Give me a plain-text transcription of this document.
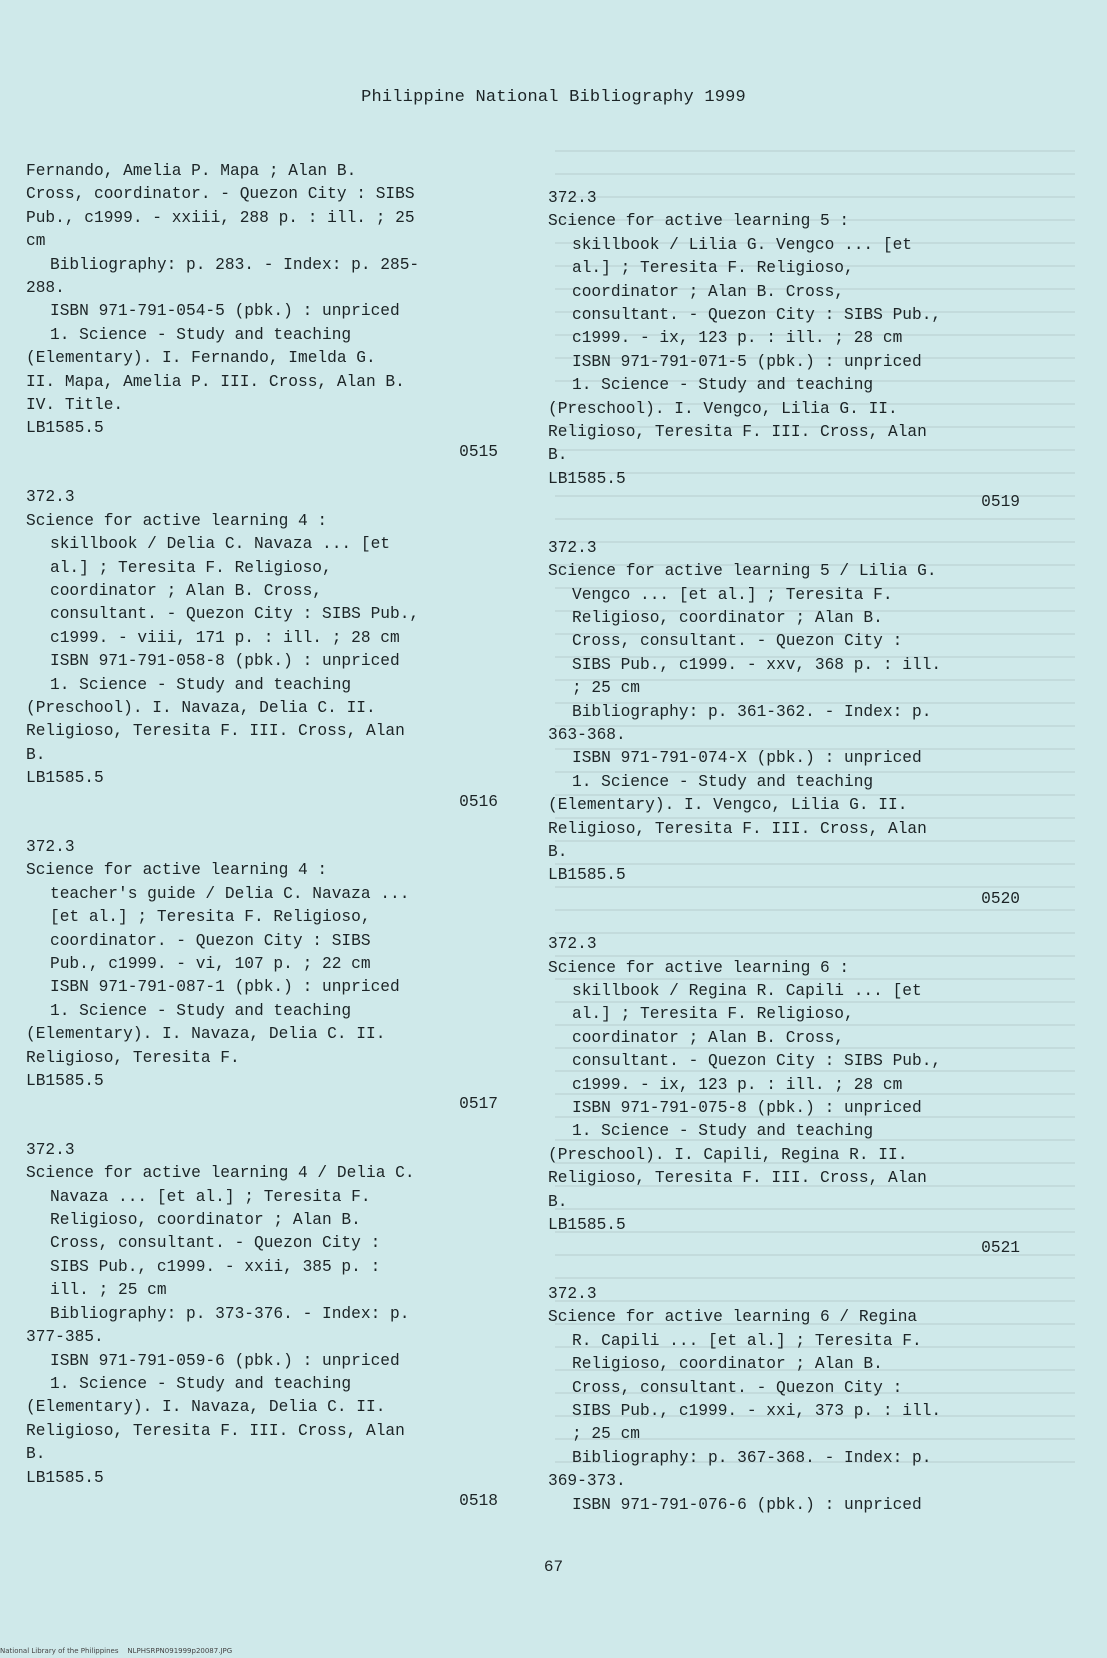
Philippine National Bibliography 1999
Fernando, Amelia P. Mapa ; Alan B.
Cross, coordinator. - Quezon City : SIBS
Pub., c1999. - xxiii, 288 p. : ill. ; 25
cm
Bibliography: p. 283. - Index: p. 285-
288.
ISBN 971-791-054-5 (pbk.) : unpriced
1. Science - Study and teaching
(Elementary). I. Fernando, Imelda G.
II. Mapa, Amelia P. III. Cross, Alan B.
IV. Title.
LB1585.5
0515
372.3
Science for active learning 4 :
skillbook / Delia C. Navaza ... [et
al.] ; Teresita F. Religioso,
coordinator ; Alan B. Cross,
consultant. - Quezon City : SIBS Pub.,
c1999. - viii, 171 p. : ill. ; 28 cm
ISBN 971-791-058-8 (pbk.) : unpriced
1. Science - Study and teaching
(Preschool). I. Navaza, Delia C. II.
Religioso, Teresita F. III. Cross, Alan
B.
LB1585.5
0516
372.3
Science for active learning 4 :
teacher's guide / Delia C. Navaza ...
[et al.] ; Teresita F. Religioso,
coordinator. - Quezon City : SIBS
Pub., c1999. - vi, 107 p. ; 22 cm
ISBN 971-791-087-1 (pbk.) : unpriced
1. Science - Study and teaching
(Elementary). I. Navaza, Delia C. II.
Religioso, Teresita F.
LB1585.5
0517
372.3
Science for active learning 4 / Delia C.
Navaza ... [et al.] ; Teresita F.
Religioso, coordinator ; Alan B.
Cross, consultant. - Quezon City :
SIBS Pub., c1999. - xxii, 385 p. :
ill. ; 25 cm
Bibliography: p. 373-376. - Index: p.
377-385.
ISBN 971-791-059-6 (pbk.) : unpriced
1. Science - Study and teaching
(Elementary). I. Navaza, Delia C. II.
Religioso, Teresita F. III. Cross, Alan
B.
LB1585.5
0518
372.3
Science for active learning 5 :
skillbook / Lilia G. Vengco ... [et
al.] ; Teresita F. Religioso,
coordinator ; Alan B. Cross,
consultant. - Quezon City : SIBS Pub.,
c1999. - ix, 123 p. : ill. ; 28 cm
ISBN 971-791-071-5 (pbk.) : unpriced
1. Science - Study and teaching
(Preschool). I. Vengco, Lilia G. II.
Religioso, Teresita F. III. Cross, Alan
B.
LB1585.5
0519
372.3
Science for active learning 5 / Lilia G.
Vengco ... [et al.] ; Teresita F.
Religioso, coordinator ; Alan B.
Cross, consultant. - Quezon City :
SIBS Pub., c1999. - xxv, 368 p. : ill.
; 25 cm
Bibliography: p. 361-362. - Index: p.
363-368.
ISBN 971-791-074-X (pbk.) : unpriced
1. Science - Study and teaching
(Elementary). I. Vengco, Lilia G. II.
Religioso, Teresita F. III. Cross, Alan
B.
LB1585.5
0520
372.3
Science for active learning 6 :
skillbook / Regina R. Capili ... [et
al.] ; Teresita F. Religioso,
coordinator ; Alan B. Cross,
consultant. - Quezon City : SIBS Pub.,
c1999. - ix, 123 p. : ill. ; 28 cm
ISBN 971-791-075-8 (pbk.) : unpriced
1. Science - Study and teaching
(Preschool). I. Capili, Regina R. II.
Religioso, Teresita F. III. Cross, Alan
B.
LB1585.5
0521
372.3
Science for active learning 6 / Regina
R. Capili ... [et al.] ; Teresita F.
Religioso, coordinator ; Alan B.
Cross, consultant. - Quezon City :
SIBS Pub., c1999. - xxi, 373 p. : ill.
; 25 cm
Bibliography: p. 367-368. - Index: p.
369-373.
ISBN 971-791-076-6 (pbk.) : unpriced
67
National Library of the Philippines    NLPHSRPN091999p20087.JPG
